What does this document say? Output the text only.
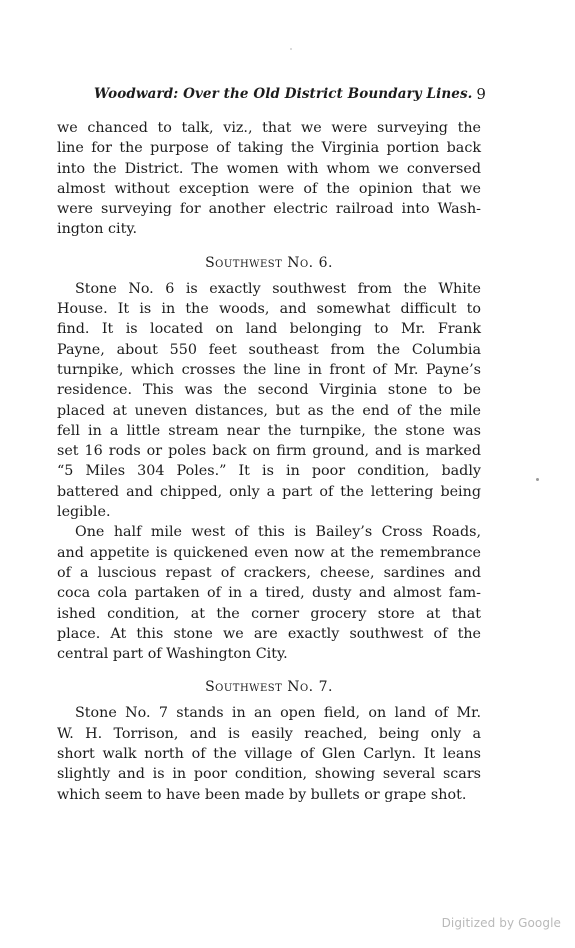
Woodward: Over the Old District Boundary Lines. 9
we chanced to talk, viz., that we were surveying the
line for the purpose of taking the Virginia portion back
into the District. The women with whom we conversed
almost without exception were of the opinion that we
were surveying for another electric railroad into Wash-
ington city.
Southwest No. 6.
Stone No. 6 is exactly southwest from the White
House. It is in the woods, and somewhat difficult to
find. It is located on land belonging to Mr. Frank
Payne, about 550 feet southeast from the Columbia
turnpike, which crosses the line in front of Mr. Payne’s
residence. This was the second Virginia stone to be
placed at uneven distances, but as the end of the mile
fell in a little stream near the turnpike, the stone was
set 16 rods or poles back on firm ground, and is marked
“5 Miles 304 Poles.” It is in poor condition, badly
battered and chipped, only a part of the lettering being
legible.
One half mile west of this is Bailey’s Cross Roads,
and appetite is quickened even now at the remembrance
of a luscious repast of crackers, cheese, sardines and
coca cola partaken of in a tired, dusty and almost fam-
ished condition, at the corner grocery store at that
place. At this stone we are exactly southwest of the
central part of Washington City.
Southwest No. 7.
Stone No. 7 stands in an open field, on land of Mr.
W. H. Torrison, and is easily reached, being only a
short walk north of the village of Glen Carlyn. It leans
slightly and is in poor condition, showing several scars
which seem to have been made by bullets or grape shot.
Digitized by Google
